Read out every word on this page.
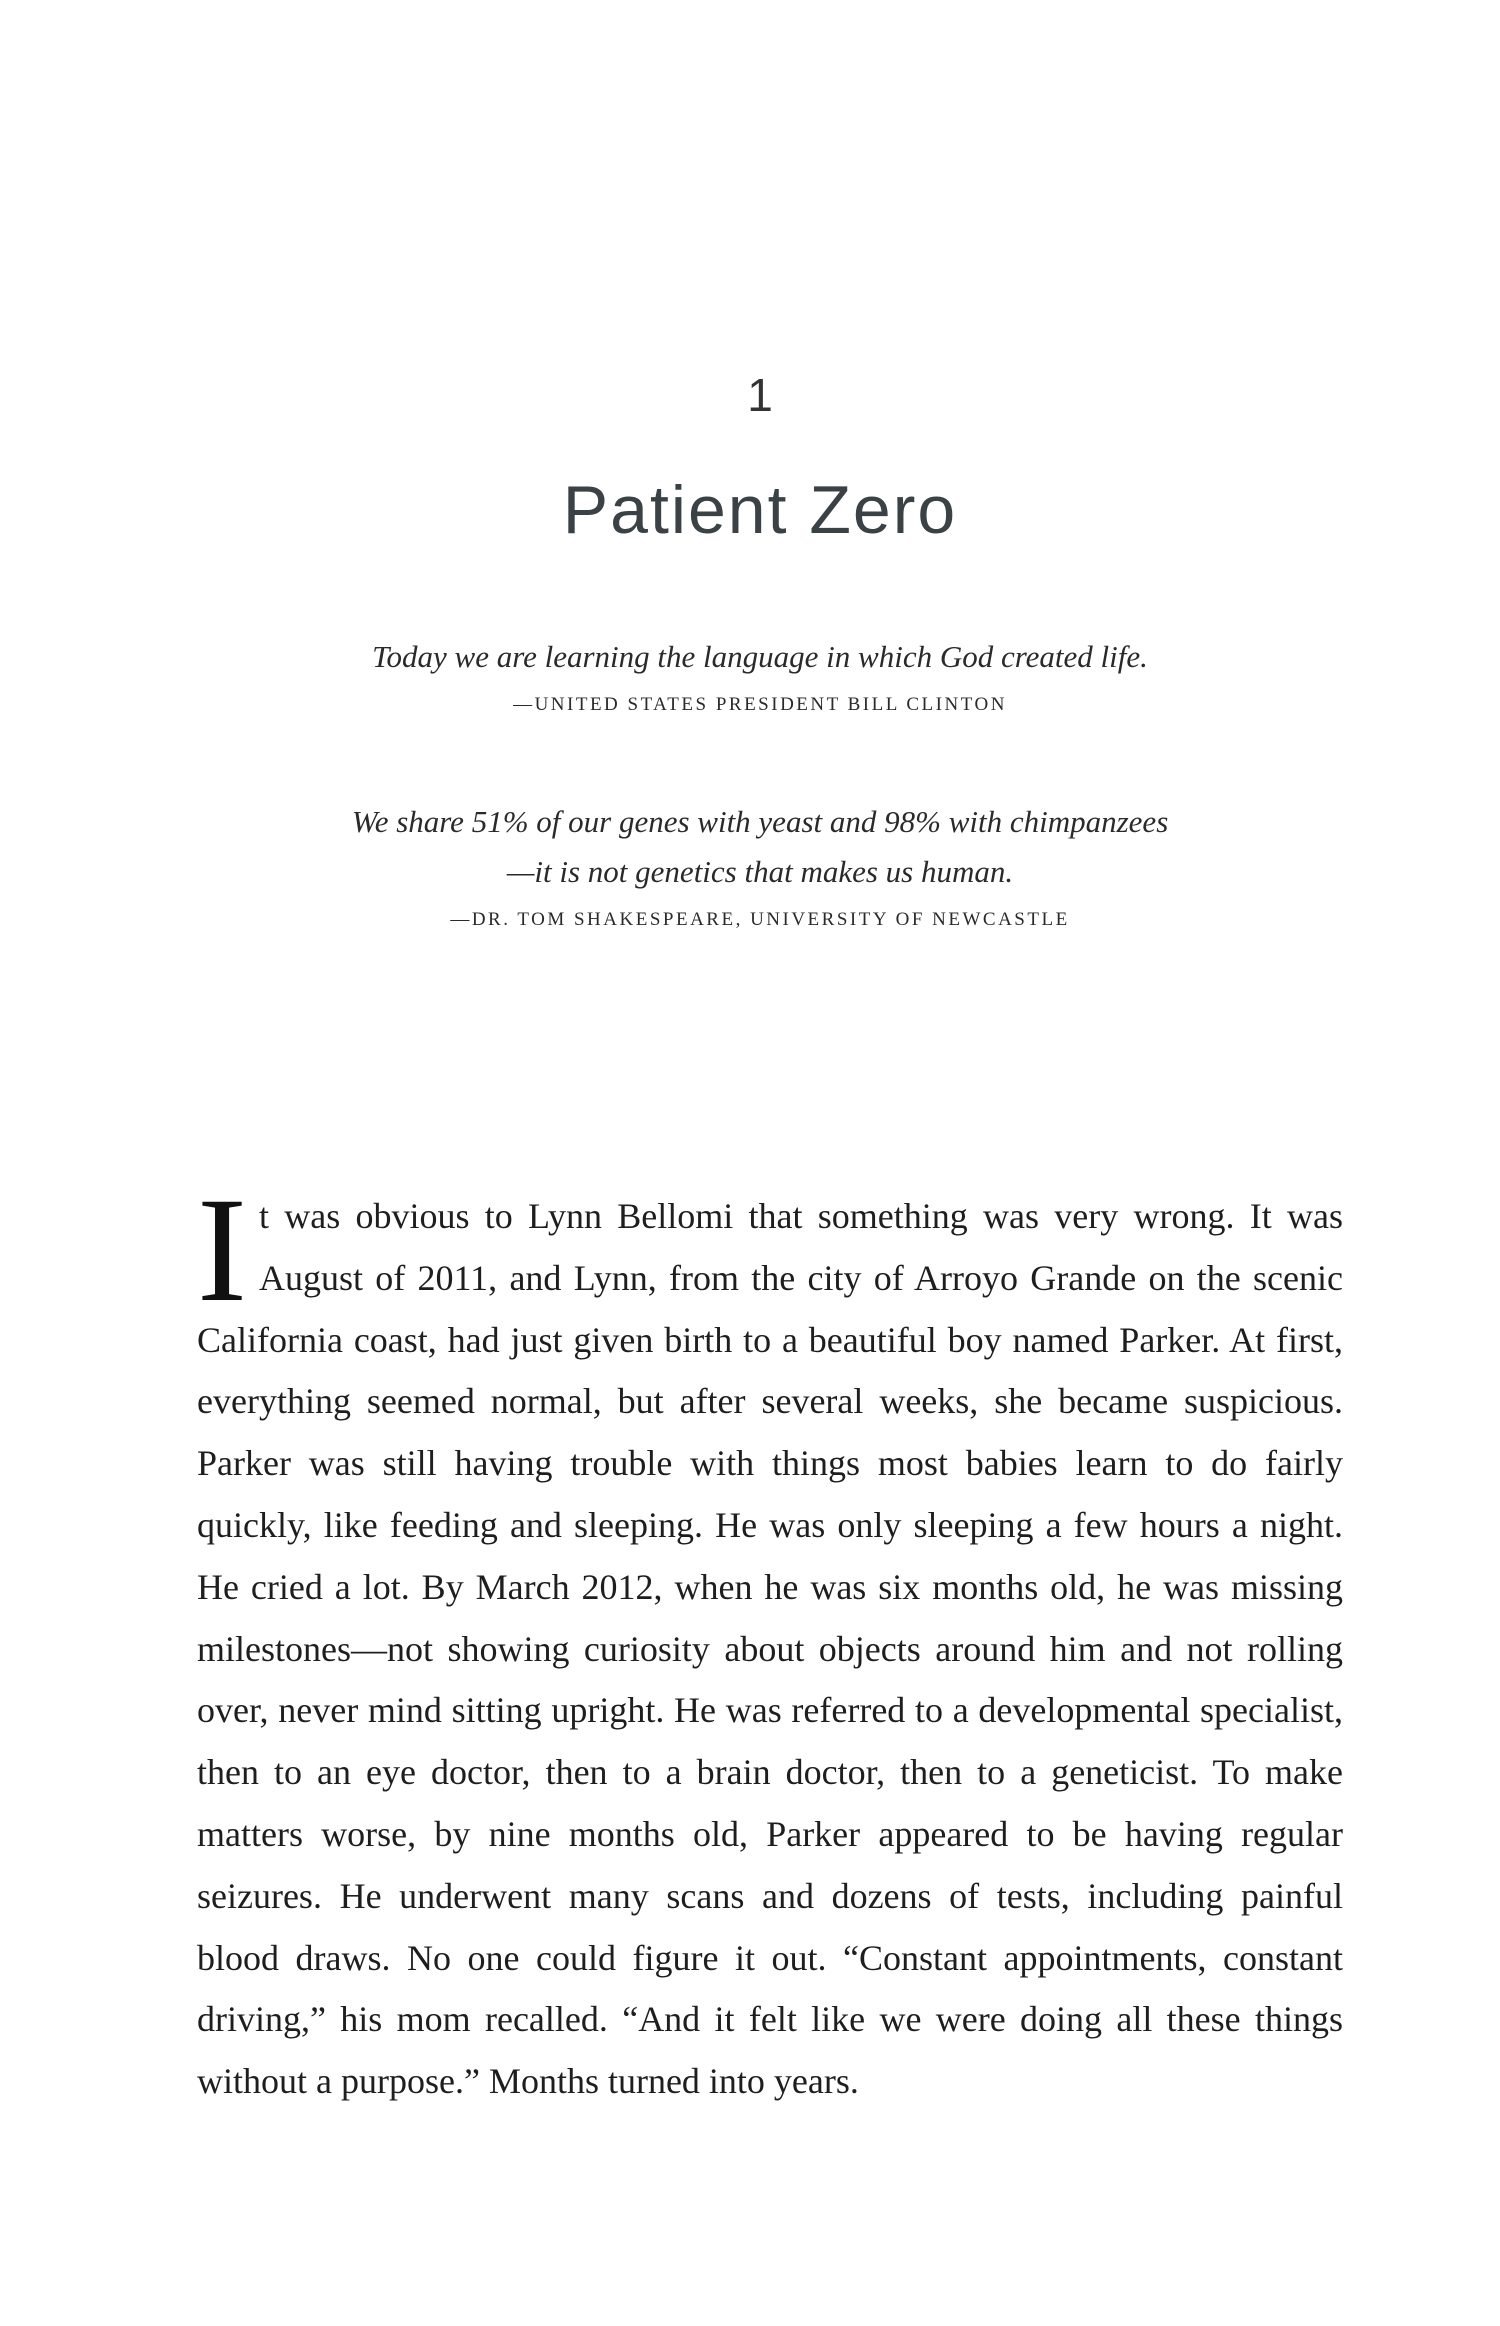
1
Patient Zero
Today we are learning the language in which God created life.
—UNITED STATES PRESIDENT BILL CLINTON
We share 51% of our genes with yeast and 98% with chimpanzees
—it is not genetics that makes us human.
—DR. TOM SHAKESPEARE, UNIVERSITY OF NEWCASTLE
It was obvious to Lynn Bellomi that something was very wrong. It was August of 2011, and Lynn, from the city of Arroyo Grande on the scenic California coast, had just given birth to a beautiful boy named Parker. At first, everything seemed normal, but after several weeks, she became suspicious. Parker was still having trouble with things most babies learn to do fairly quickly, like feeding and sleeping. He was only sleeping a few hours a night. He cried a lot. By March 2012, when he was six months old, he was missing milestones—not showing curiosity about objects around him and not rolling over, never mind sitting upright. He was referred to a developmental specialist, then to an eye doctor, then to a brain doctor, then to a geneticist. To make matters worse, by nine months old, Parker appeared to be having regular seizures. He underwent many scans and dozens of tests, including painful blood draws. No one could figure it out. “Constant appointments, constant driving,” his mom recalled. “And it felt like we were doing all these things without a purpose.” Months turned into years.
